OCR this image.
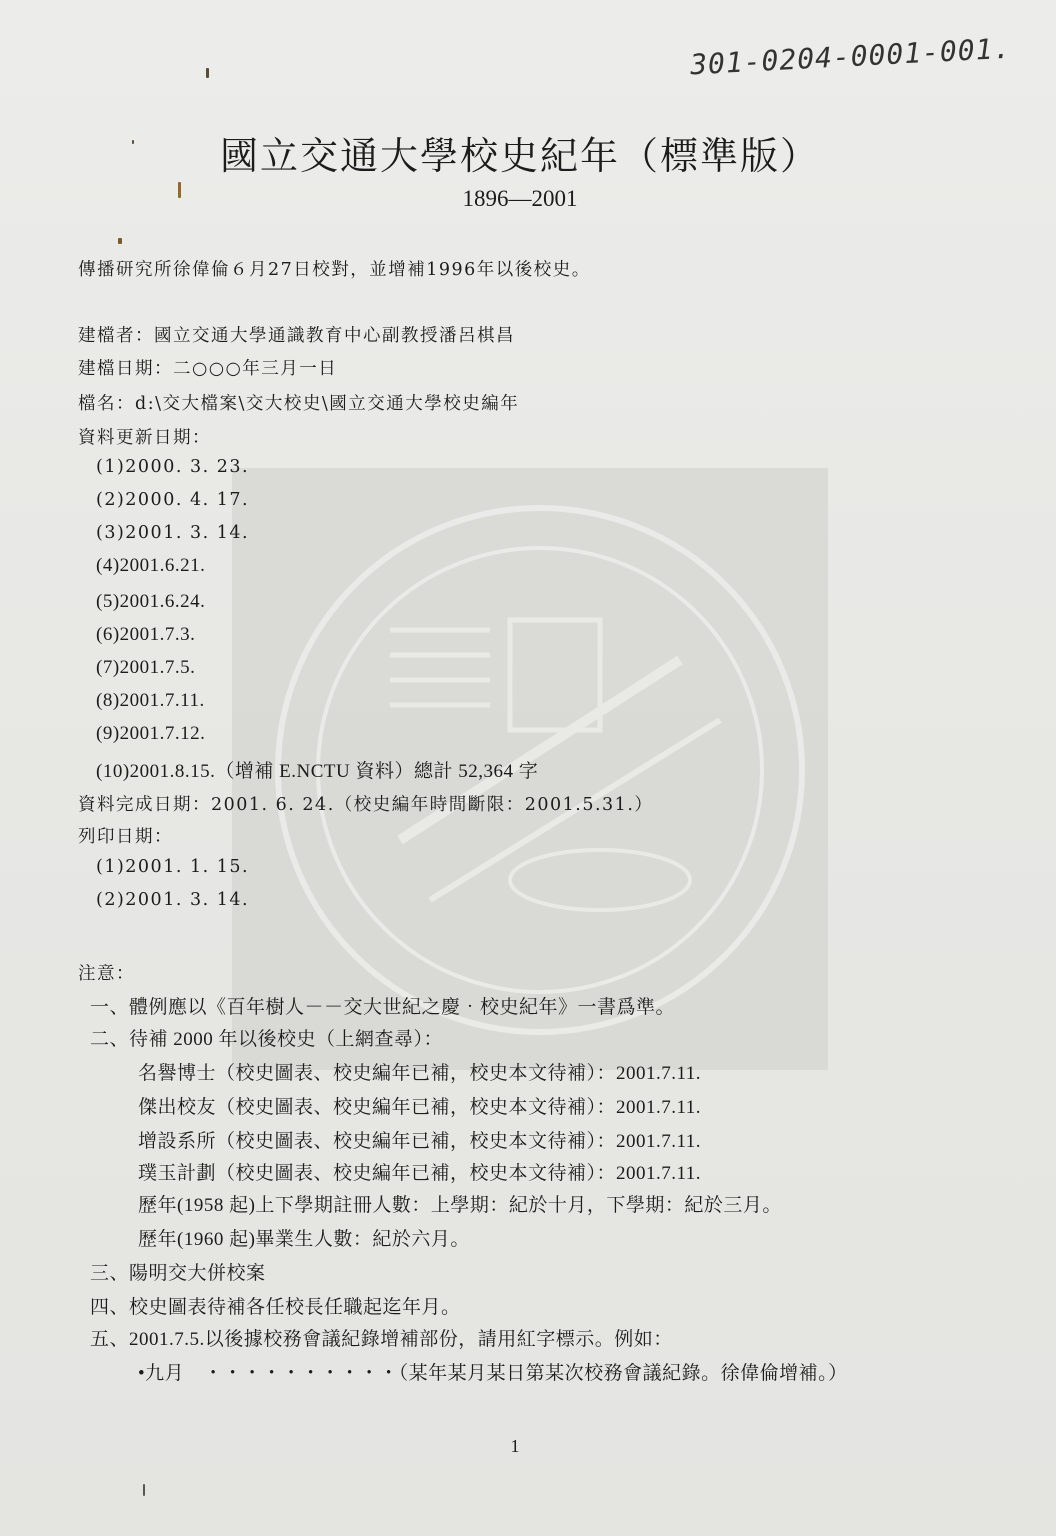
301-0204-0001-001.
國立交通大學校史紀年（標準版）
1896—2001
傳播研究所徐偉倫６月27日校對，並增補1996年以後校史。
建檔者：國立交通大學通識教育中心副教授潘呂棋昌
建檔日期：二○○○年三月一日
檔名：d:\交大檔案\交大校史\國立交通大學校史編年
資料更新日期：
(1)2000. 3. 23.
(2)2000. 4. 17.
(3)2001. 3. 14.
(4)2001.6.21.
(5)2001.6.24.
(6)2001.7.3.
(7)2001.7.5.
(8)2001.7.11.
(9)2001.7.12.
(10)2001.8.15.（增補 E.NCTU 資料）總計 52,364 字
資料完成日期：2001. 6. 24.（校史編年時間斷限：2001.5.31.）
列印日期：
(1)2001. 1. 15.
(2)2001. 3. 14.
注意：
一、體例應以《百年樹人－－交大世紀之慶‧校史紀年》一書爲準。
二、待補 2000 年以後校史（上網查尋）：
名譽博士（校史圖表、校史編年已補，校史本文待補）：2001.7.11.
傑出校友（校史圖表、校史編年已補，校史本文待補）：2001.7.11.
增設系所（校史圖表、校史編年已補，校史本文待補）：2001.7.11.
璞玉計劃（校史圖表、校史編年已補，校史本文待補）：2001.7.11.
歷年(1958 起)上下學期註冊人數：上學期：紀於十月，下學期：紀於三月。
歷年(1960 起)畢業生人數：紀於六月。
三、陽明交大併校案
四、校史圖表待補各任校長任職起迄年月。
五、2001.7.5.以後據校務會議紀錄增補部份，請用紅字標示。例如：
•九月　・・・・・・・・・・（某年某月某日第某次校務會議紀錄。徐偉倫增補。）
1
